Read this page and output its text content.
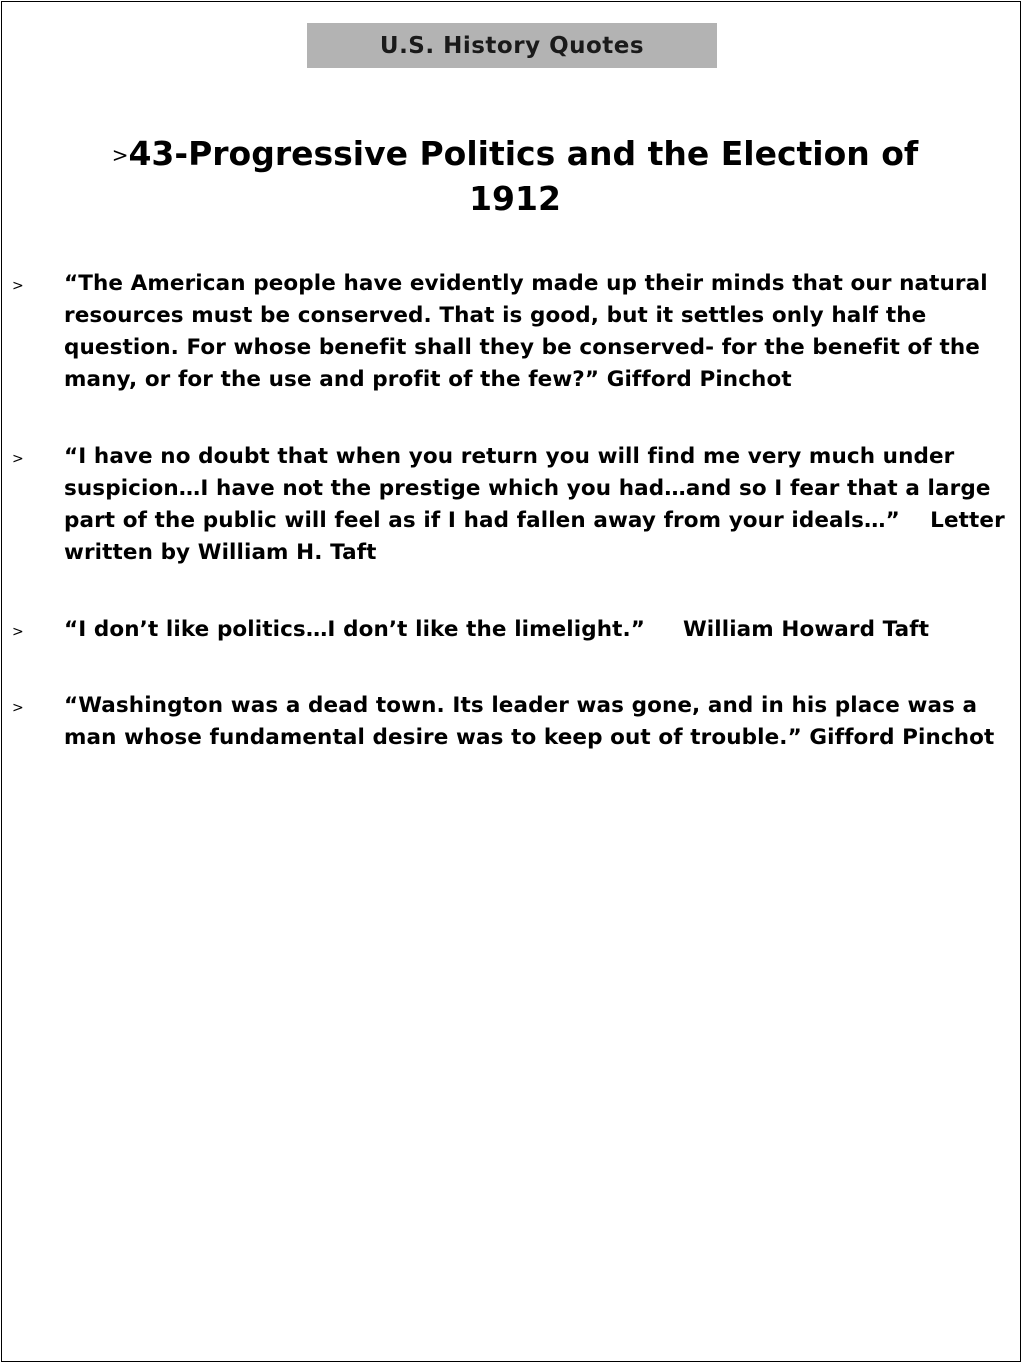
U.S. History Quotes
>43-Progressive Politics and the Election of 1912
> “The American people have evidently made up their minds that our natural resources must be conserved. That is good, but it settles only half the question. For whose benefit shall they be conserved- for the benefit of the many, or for the use and profit of the few?” Gifford Pinchot
> “I have no doubt that when you return you will find me very much under suspicion…I have not the prestige which you had…and so I fear that a large part of the public will feel as if I had fallen away from your ideals…” Letter written by William H. Taft
> “I don’t like politics…I don’t like the limelight.” William Howard Taft
> “Washington was a dead town. Its leader was gone, and in his place was a man whose fundamental desire was to keep out of trouble.” Gifford Pinchot
